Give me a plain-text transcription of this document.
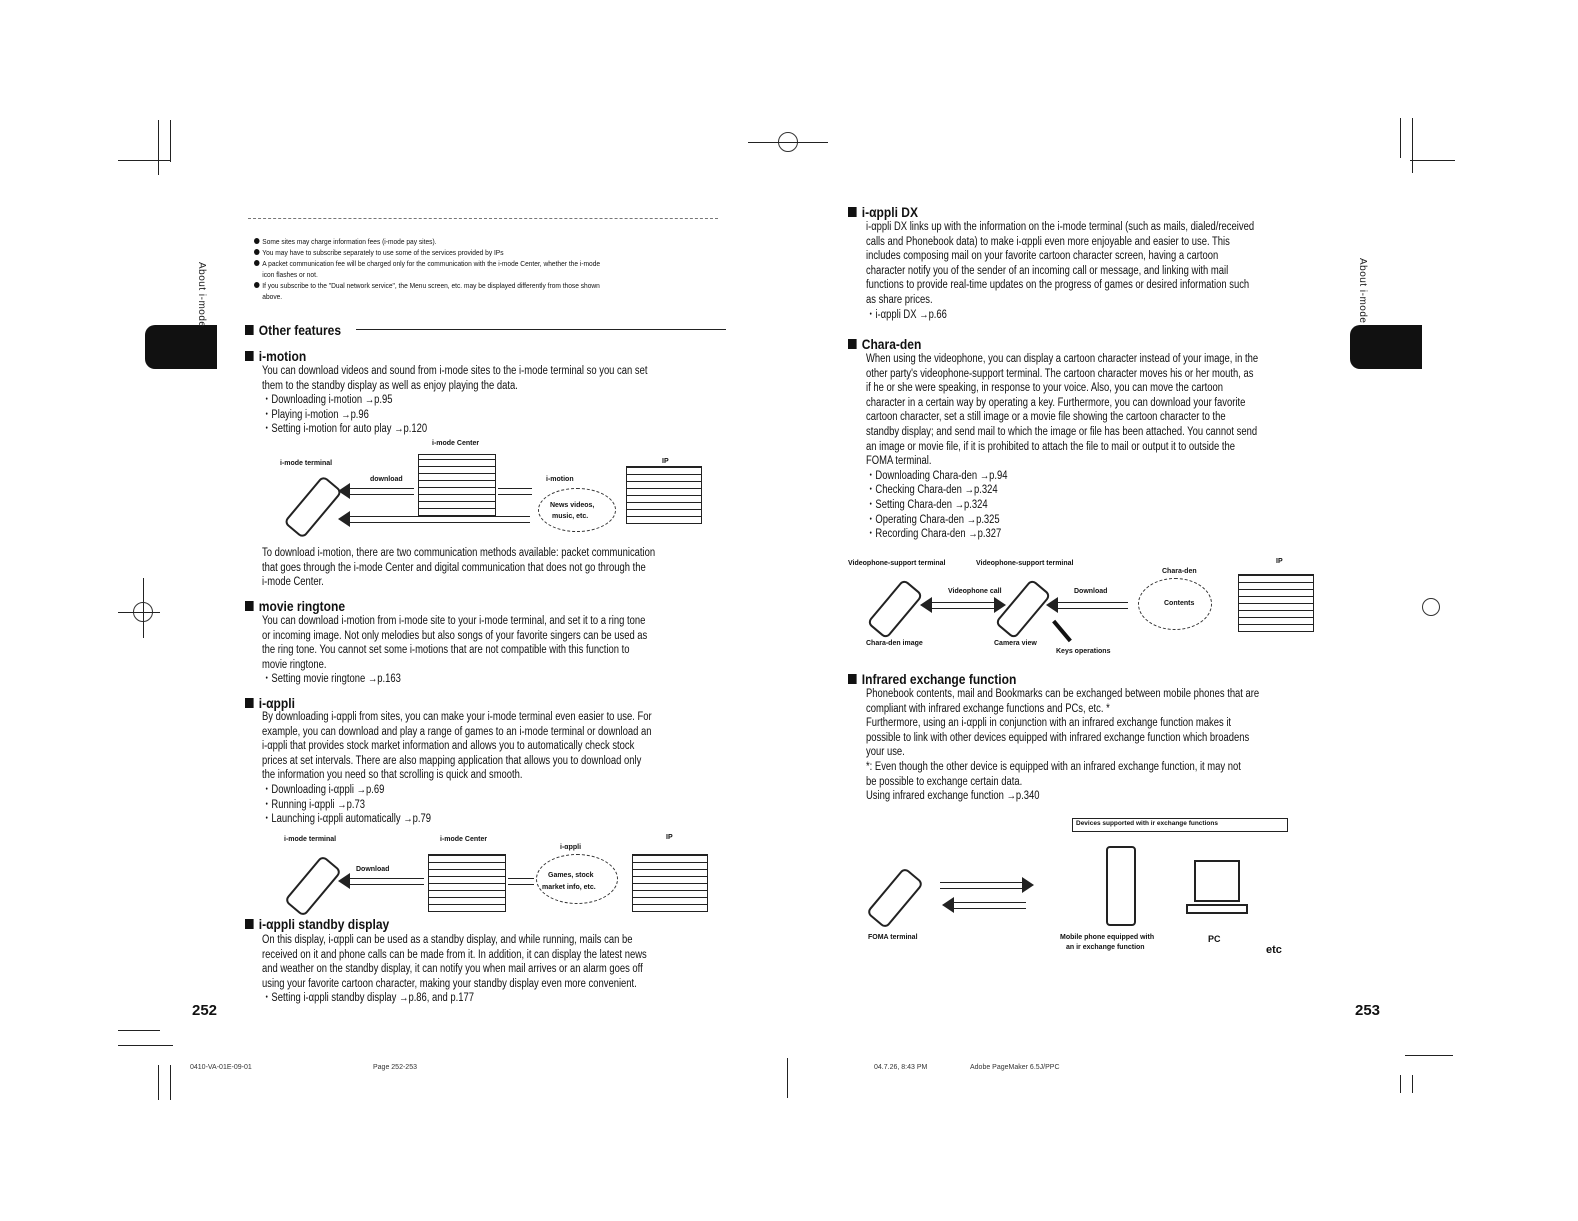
About i-mode	About i-mode

Some sites may charge information fees (i-mode pay sites).

You may have to subscribe separately to use some of the services provided by IPs

A packet communication fee will be charged only for the communication with the i-mode Center, whether the i-mode

icon flashes or not.

If you subscribe to the "Dual network service", the Menu screen, etc. may be displayed differently from those shown

above.

Other features
i-motion

You can download videos and sound from i-mode sites to the i-mode terminal so you can set

them to the standby display as well as enjoy playing the data.

・Downloading i-motion →p.95

・Playing i-motion →p.96

・Setting i-motion for auto play →p.120

i-mode terminal
i-mode Center
IP
download	i-motion
News videos,
music, etc.

To download i-motion, there are two communication methods available: packet communication

that goes through the i-mode Center and digital communication that does not go through the

i-mode Center.

movie ringtone

You can download i-motion from i-mode site to your i-mode terminal, and set it to a ring tone

or incoming image. Not only melodies but also songs of your favorite singers can be used as

the ring tone. You cannot set some i-motions that are not compatible with this function to

movie ringtone.

・Setting movie ringtone →p.163

i-αppli

By downloading i-αppli from sites, you can make your i-mode terminal even easier to use. For

example, you can download and play a range of games to an i-mode terminal or download an

i-αppli that provides stock market information and allows you to automatically check stock

prices at set intervals. There are also mapping application that allows you to download only

the information you need so that scrolling is quick and smooth.

・Downloading i-αppli →p.69

・Running i-αppli →p.73

・Launching i-αppli automatically →p.79

i-mode terminal	i-mode Center	IP
Download
i-αppli
Games, stock
market info, etc.
i-αppli standby display

On this display, i-αppli can be used as a standby display, and while running, mails can be

received on it and phone calls can be made from it. In addition, it can display the latest news

and weather on the standby display, it can notify you when mail arrives or an alarm goes off

using your favorite cartoon character, making your standby display even more convenient.

・Setting i-αppli standby display →p.86, and p.177

252
0410-VA-01E-09-01	Page 252-253
i-αppli DX

i-αppli DX links up with the information on the i-mode terminal (such as mails, dialed/received

calls and Phonebook data) to make i-αppli even more enjoyable and easier to use. This

includes composing mail on your favorite cartoon character screen, having a cartoon

character notify you of the sender of an incoming call or message, and linking with mail

functions to provide real-time updates on the progress of games or desired information such

as share prices.

・i-αppli DX →p.66

Chara-den

When using the videophone, you can display a cartoon character instead of your image, in the

other party's videophone-support terminal. The cartoon character moves his or her mouth, as

if he or she were speaking, in response to your voice. Also, you can move the cartoon

character in a certain way by operating a key. Furthermore, you can download your favorite

cartoon character, set a still image or a movie file showing the cartoon character to the

standby display; and send mail to which the image or file has been attached. You cannot send

an image or movie file, if it is prohibited to attach the file to mail or output it to outside the

FOMA terminal.

・Downloading Chara-den →p.94

・Checking Chara-den →p.324

・Setting Chara-den →p.324

・Operating Chara-den →p.325

・Recording Chara-den →p.327

Videophone-support terminal	Videophone-support terminal
Chara-den
IP
Videophone call	Download
Contents
Chara-den image	Camera view
Keys operations
Infrared exchange function

Phonebook contents, mail and Bookmarks can be exchanged between mobile phones that are

compliant with infrared exchange functions and PCs, etc. *

Furthermore, using an i-αppli in conjunction with an infrared exchange function makes it

possible to link with other devices equipped with infrared exchange function which broadens

your use.

*: Even though the other device is equipped with an infrared exchange function, it may not

be possible to exchange certain data.

Using infrared exchange function →p.340

Devices supported with ir exchange functions
FOMA terminal	Mobile phone equipped with
an ir exchange function
PC
etc
253
04.7.26, 8:43 PM	Adobe PageMaker 6.5J/PPC
